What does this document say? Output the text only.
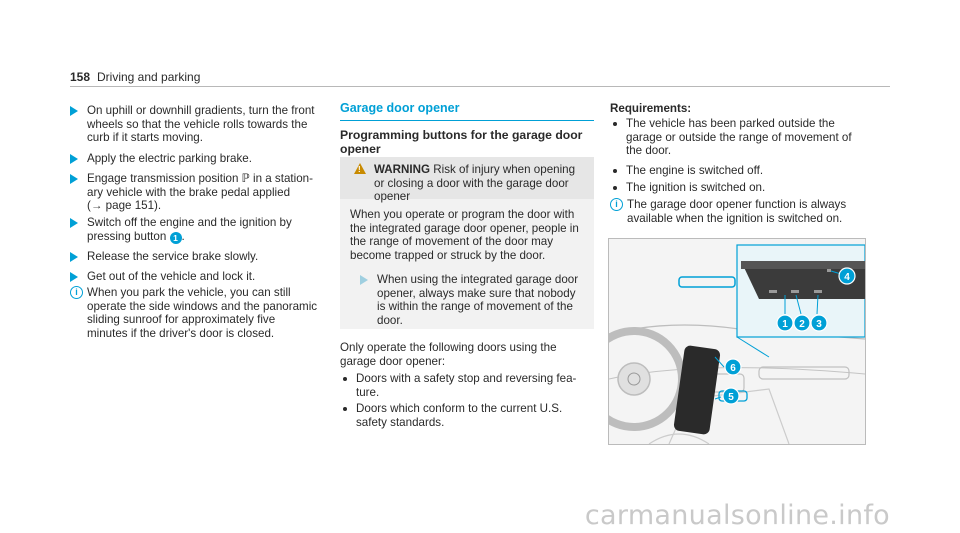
158 Driving and parking
On uphill or downhill gradients, turn the front
wheels so that the vehicle rolls towards the
curb if it starts moving.
Apply the electric parking brake.
Engage transmission position ℙ in a station-
ary vehicle with the brake pedal applied
(→ page 151).
Switch off the engine and the ignition by
pressing button 1 .
Release the service brake slowly.
Get out of the vehicle and lock it.
i When you park the vehicle, you can still
operate the side windows and the panoramic
sliding sunroof for approximately five
minutes if the driver's door is closed.
Garage door opener
Programming buttons for the garage door
opener
! WARNING Risk of injury when opening
or closing a door with the garage door
opener
When you operate or program the door with
the integrated garage door opener, people in
the range of movement of the door may
become trapped or struck by the door.
When using the integrated garage door
opener, always make sure that nobody
is within the range of movement of the
door.
Only operate the following doors using the
garage door opener:
Doors with a safety stop and reversing fea-
ture.
Doors which conform to the current U.S.
safety standards.
Requirements:
The vehicle has been parked outside the
garage or outside the range of movement of
the door.
The engine is switched off.
The ignition is switched on.
i The garage door opener function is always
available when the ignition is switched on.
1 2 3
4
5
6
carmanualsonline.info
